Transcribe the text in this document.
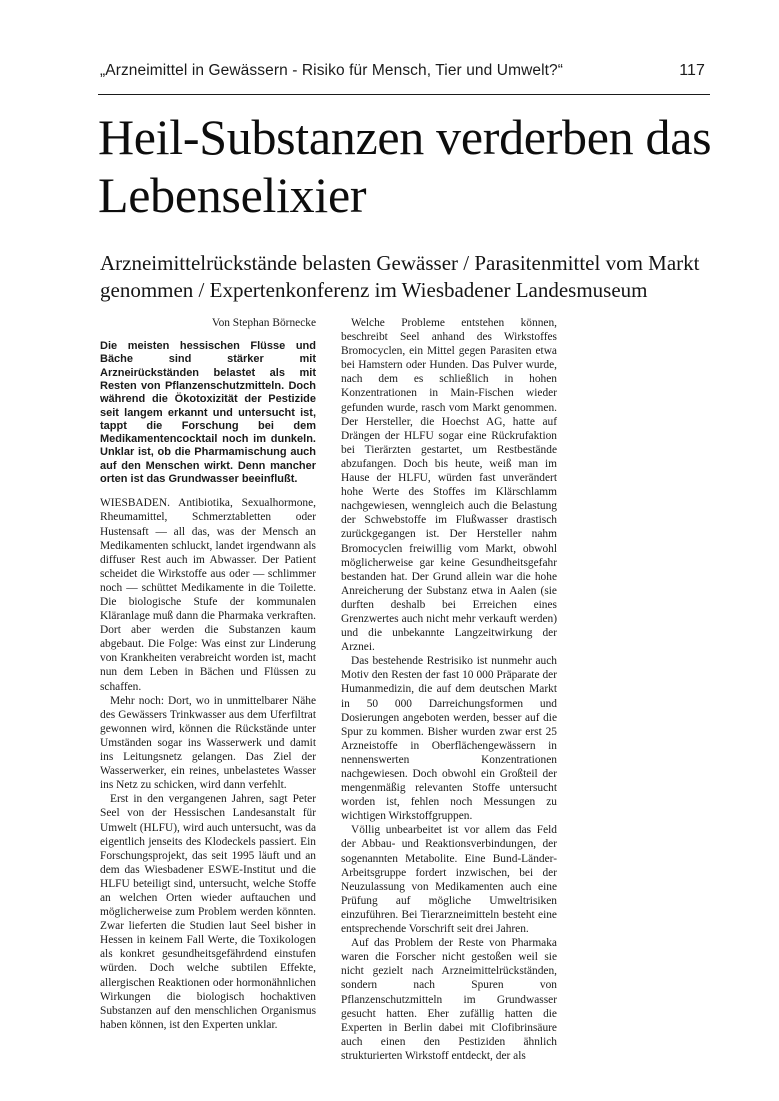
„Arzneimittel in Gewässern - Risiko für Mensch, Tier und Umwelt?“	117
Heil-Substanzen verderben das Lebenselixier
Arzneimittelrückstände belasten Gewässer / Parasitenmittel vom Markt genommen / Expertenkonferenz im Wiesbadener Landesmuseum

Von Stephan Börnecke

Die meisten hessischen Flüsse und Bäche sind stärker mit Arzneirückständen belastet als mit Resten von Pflanzenschutzmitteln. Doch während die Ökotoxizität der Pestizide seit langem erkannt und untersucht ist, tappt die Forschung bei dem Medikamentencocktail noch im dunkeln. Unklar ist, ob die Pharmamischung auch auf den Menschen wirkt. Denn mancher orten ist das Grundwasser beeinflußt.

WIESBADEN. Antibiotika, Sexualhormone, Rheumamittel, Schmerztabletten oder Hustensaft — all das, was der Mensch an Medikamenten schluckt, landet irgendwann als diffuser Rest auch im Abwasser. Der Patient scheidet die Wirkstoffe aus oder — schlimmer noch — schüttet Medikamente in die Toilette. Die biologische Stufe der kommunalen Kläranlage muß dann die Pharmaka verkraften. Dort aber werden die Substanzen kaum abgebaut. Die Folge: Was einst zur Linderung von Krankheiten verabreicht worden ist, macht nun dem Leben in Bächen und Flüssen zu schaffen.

Mehr noch: Dort, wo in unmittelbarer Nähe des Gewässers Trinkwasser aus dem Uferfiltrat gewonnen wird, können die Rückstände unter Umständen sogar ins Wasserwerk und damit ins Leitungsnetz gelangen. Das Ziel der Wasserwerker, ein reines, unbelastetes Wasser ins Netz zu schicken, wird dann verfehlt.

Erst in den vergangenen Jahren, sagt Peter Seel von der Hessischen Landesanstalt für Umwelt (HLFU), wird auch untersucht, was da eigentlich jenseits des Klodeckels passiert. Ein Forschungsprojekt, das seit 1995 läuft und an dem das Wiesbadener ESWE-Institut und die HLFU beteiligt sind, untersucht, welche Stoffe an welchen Orten wieder auftauchen und möglicherweise zum Problem werden könnten. Zwar lieferten die Studien laut Seel bisher in Hessen in keinem Fall Werte, die Toxikologen als konkret gesundheitsgefährdend einstufen würden. Doch welche subtilen Effekte, allergischen Reaktionen oder hormonähnlichen Wirkungen die biologisch hochaktiven Substanzen auf den menschlichen Organismus haben können, ist den Experten unklar.

Welche Probleme entstehen können, beschreibt Seel anhand des Wirkstoffes Bromocyclen, ein Mittel gegen Parasiten etwa bei Hamstern oder Hunden. Das Pulver wurde, nach dem es schließlich in hohen Konzentrationen in Main-Fischen wieder gefunden wurde, rasch vom Markt genommen. Der Hersteller, die Hoechst AG, hatte auf Drängen der HLFU sogar eine Rückrufaktion bei Tierärzten gestartet, um Restbestände abzufangen. Doch bis heute, weiß man im Hause der HLFU, würden fast unverändert hohe Werte des Stoffes im Klärschlamm nachgewiesen, wenngleich auch die Belastung der Schwebstoffe im Flußwasser drastisch zurückgegangen ist. Der Hersteller nahm Bromocyclen freiwillig vom Markt, obwohl möglicherweise gar keine Gesundheitsgefahr bestanden hat. Der Grund allein war die hohe Anreicherung der Substanz etwa in Aalen (sie durften deshalb bei Erreichen eines Grenzwertes auch nicht mehr verkauft werden) und die unbekannte Langzeitwirkung der Arznei.

Das bestehende Restrisiko ist nunmehr auch Motiv den Resten der fast 10 000 Präparate der Humanmedizin, die auf dem deutschen Markt in 50 000 Darreichungsformen und Dosierungen angeboten werden, besser auf die Spur zu kommen. Bisher wurden zwar erst 25 Arzneistoffe in Oberflächengewässern in nennenswerten Konzentrationen nachgewiesen. Doch obwohl ein Großteil der mengenmäßig relevanten Stoffe untersucht worden ist, fehlen noch Messungen zu wichtigen Wirkstoffgruppen.

Völlig unbearbeitet ist vor allem das Feld der Abbau- und Reaktionsverbindungen, der sogenannten Metabolite. Eine Bund-Länder-Arbeitsgruppe fordert inzwischen, bei der Neuzulassung von Medikamenten auch eine Prüfung auf mögliche Umweltrisiken einzuführen. Bei Tierarzneimitteln besteht eine entsprechende Vorschrift seit drei Jahren.

Auf das Problem der Reste von Pharmaka waren die Forscher nicht gestoßen weil sie nicht gezielt nach Arzneimittelrückständen, sondern nach Spuren von Pflanzenschutzmitteln im Grundwasser gesucht hatten. Eher zufällig hatten die Experten in Berlin dabei mit Clofibrinsäure auch einen den Pestiziden ähnlich strukturierten Wirkstoff entdeckt, der als
